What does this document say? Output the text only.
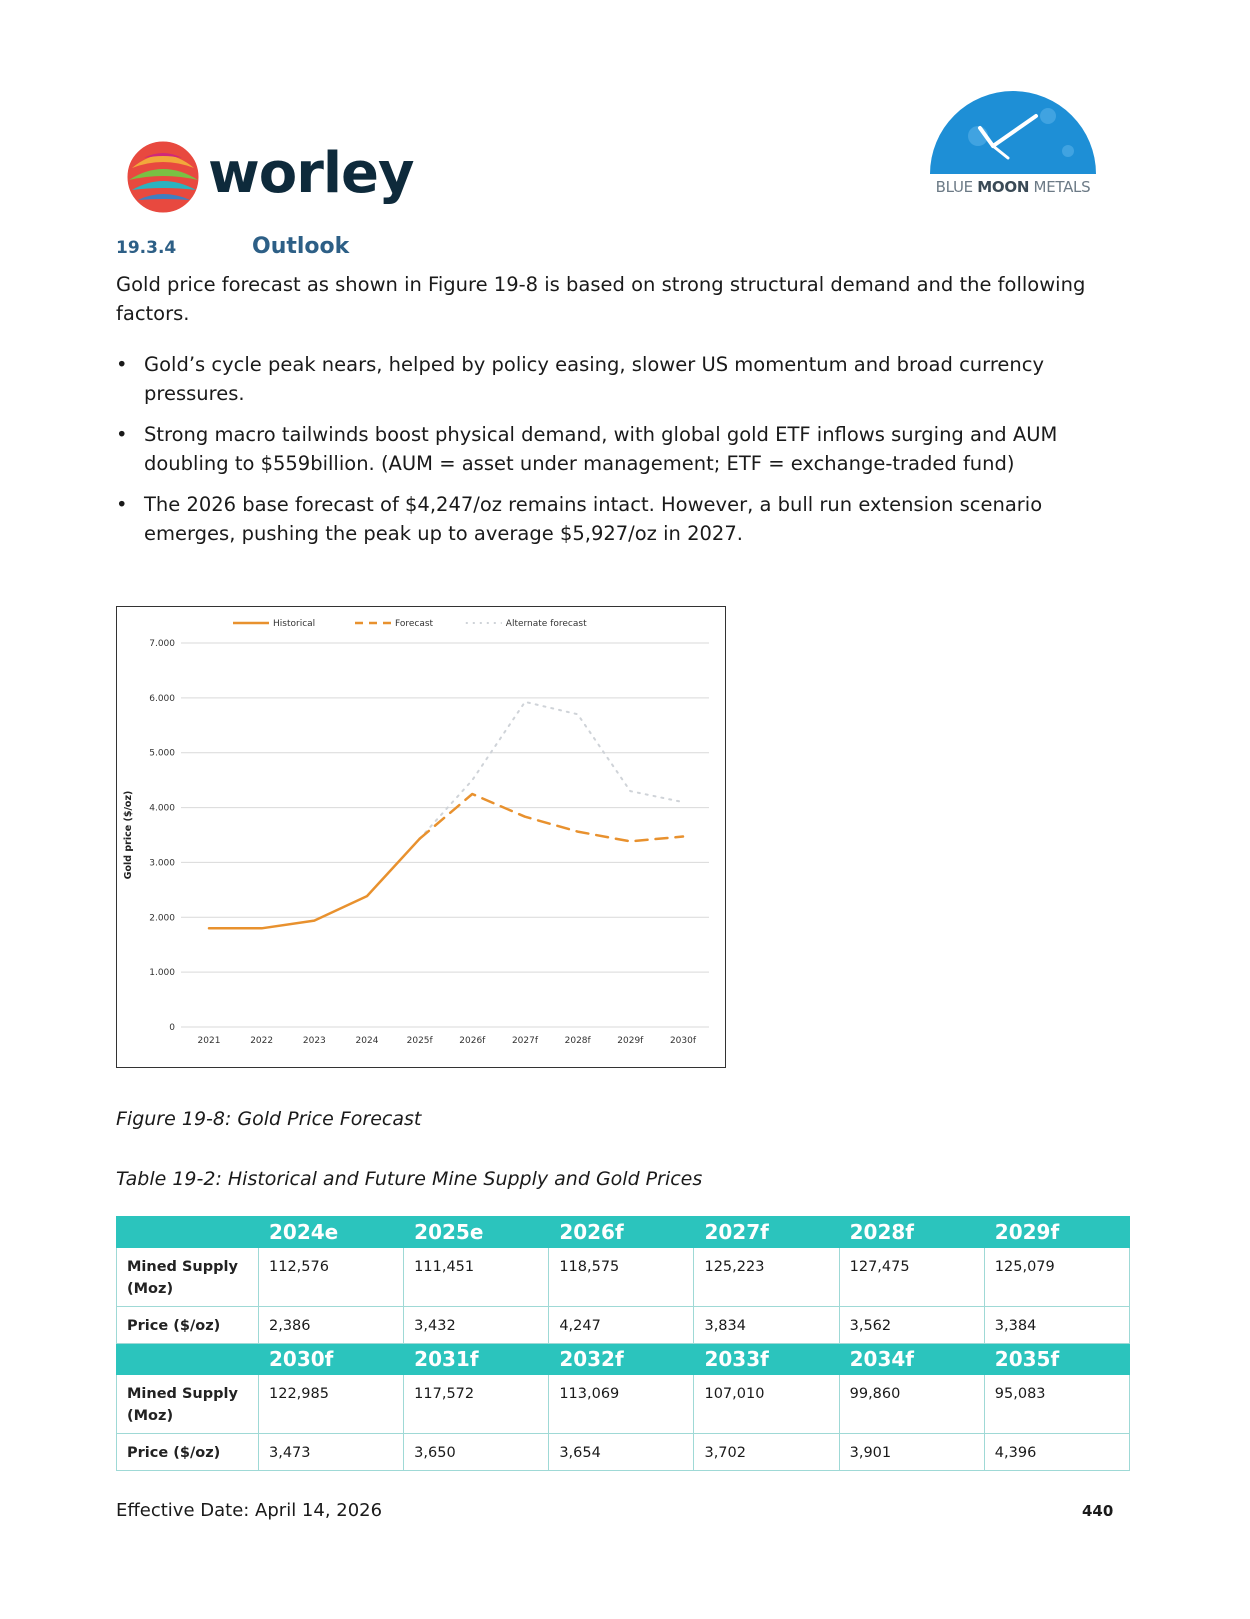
worley	BLUE MOON METALS
19.3.4	Outlook
Gold price forecast as shown in Figure 19-8 is based on strong structural demand and the following factors.
• Gold’s cycle peak nears, helped by policy easing, slower US momentum and broad currency pressures.
• Strong macro tailwinds boost physical demand, with global gold ETF inflows surging and AUM doubling to $559billion. (AUM = asset under management; ETF = exchange-traded fund)
• The 2026 base forecast of $4,247/oz remains intact. However, a bull run extension scenario emerges, pushing the peak up to average $5,927/oz in 2027.
0
1.000
2.000
3.000
4.000
5.000
6.000
7.000
Gold price ($/oz)
2021	2022	2023	2024	2025f	2026f	2027f	2028f	2029f	2030f
Historical	Forecast	Alternate forecast
Figure 19-8: Gold Price Forecast
Table 19-2: Historical and Future Mine Supply and Gold Prices
	2024e	2025e	2026f	2027f	2028f	2029f
Mined Supply (Moz)	112,576	111,451	118,575	125,223	127,475	125,079
Price ($/oz)	2,386	3,432	4,247	3,834	3,562	3,384
	2030f	2031f	2032f	2033f	2034f	2035f
Mined Supply (Moz)	122,985	117,572	113,069	107,010	99,860	95,083
Price ($/oz)	3,473	3,650	3,654	3,702	3,901	4,396
Effective Date: April 14, 2026	440
